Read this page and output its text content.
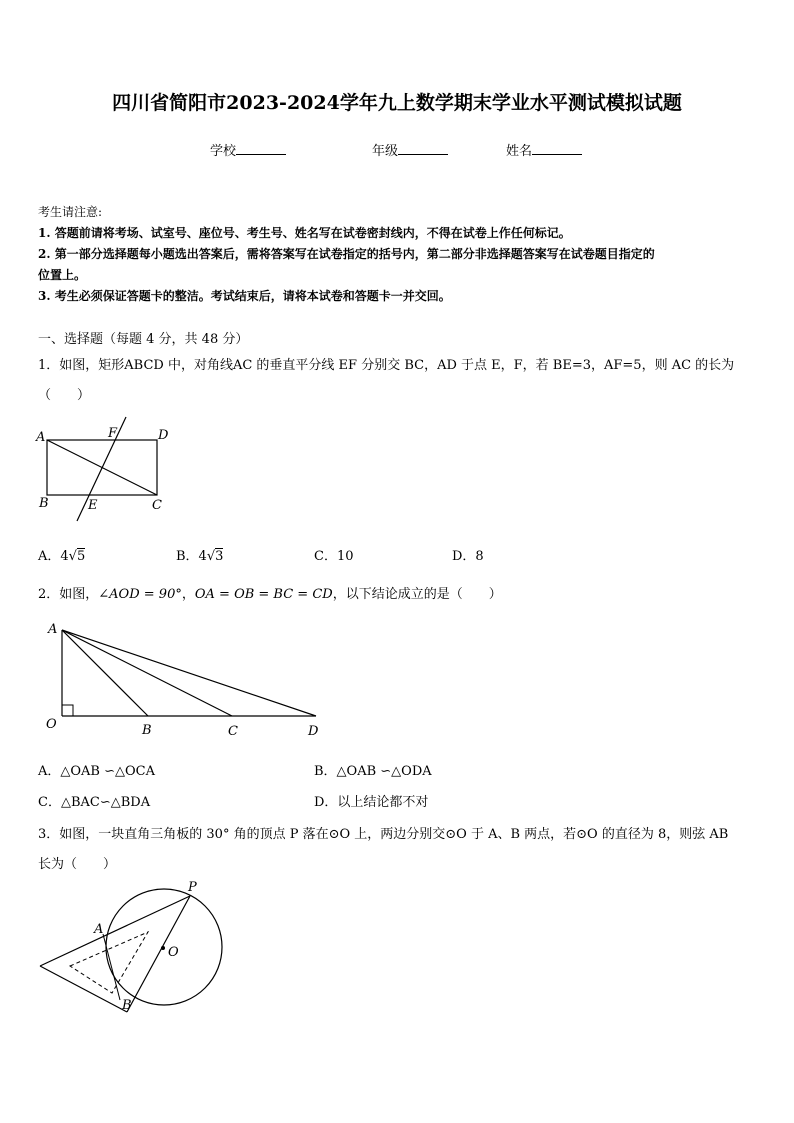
四川省简阳市2023-2024学年九上数学期末学业水平测试模拟试题
学校	年级	姓名
考生请注意:
1. 答题前请将考场、试室号、座位号、考生号、姓名写在试卷密封线内，不得在试卷上作任何标记。
2. 第一部分选择题每小题选出答案后，需将答案写在试卷指定的括号内，第二部分非选择题答案写在试卷题目指定的
位置上。
3. 考生必须保证答题卡的整洁。考试结束后，请将本试卷和答题卡一并交回。
一、选择题（每题 4 分，共 48 分）
1．如图，矩形ABCD 中，对角线AC 的垂直平分线 EF 分别交 BC，AD 于点 E，F，若 BE=3，AF=5，则 AC 的长为
（　　）
A	F	D
B	E	C
A．4√5	B．4√3	C．10	D．8
2．如图，∠AOD = 90°，OA = OB = BC = CD，以下结论成立的是（　　）
A
O	B	C	D
A．△OAB ∽△OCA	B．△OAB ∽△ODA
C．△BAC∽△BDA	D．以上结论都不对
3．如图，一块直角三角板的 30° 角的顶点 P 落在⊙O 上，两边分别交⊙O 于 A、B 两点，若⊙O 的直径为 8，则弦 AB
长为（　　）
P
A
O
B
